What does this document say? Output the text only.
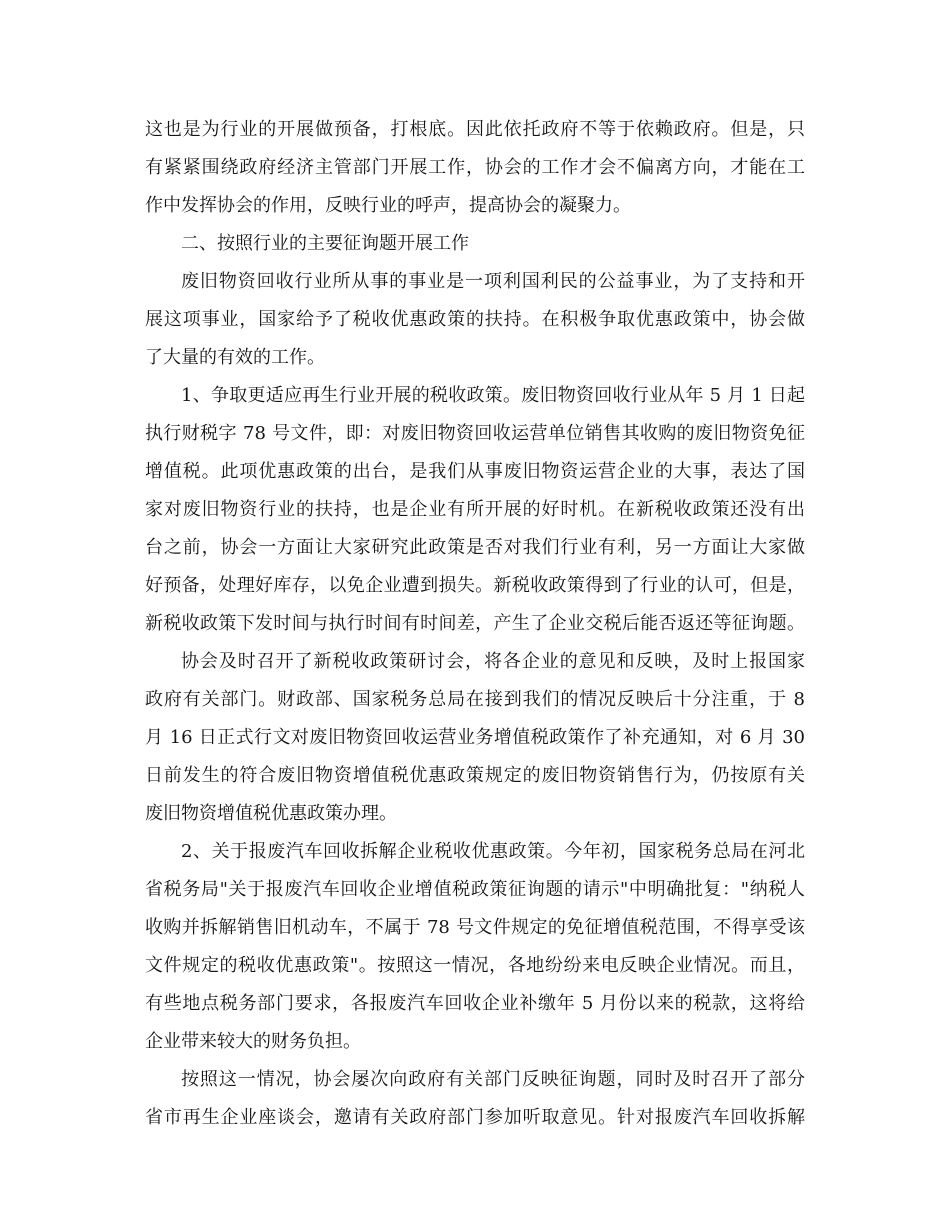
这也是为行业的开展做预备，打根底。因此依托政府不等于依赖政府。但是，只
有紧紧围绕政府经济主管部门开展工作，协会的工作才会不偏离方向，才能在工
作中发挥协会的作用，反映行业的呼声，提高协会的凝聚力。
二、按照行业的主要征询题开展工作
废旧物资回收行业所从事的事业是一项利国利民的公益事业，为了支持和开
展这项事业，国家给予了税收优惠政策的扶持。在积极争取优惠政策中，协会做
了大量的有效的工作。
1、争取更适应再生行业开展的税收政策。废旧物资回收行业从年 5 月 1 日起
执行财税字 78 号文件，即：对废旧物资回收运营单位销售其收购的废旧物资免征
增值税。此项优惠政策的出台，是我们从事废旧物资运营企业的大事，表达了国
家对废旧物资行业的扶持，也是企业有所开展的好时机。在新税收政策还没有出
台之前，协会一方面让大家研究此政策是否对我们行业有利，另一方面让大家做
好预备，处理好库存，以免企业遭到损失。新税收政策得到了行业的认可，但是，
新税收政策下发时间与执行时间有时间差，产生了企业交税后能否返还等征询题。
协会及时召开了新税收政策研讨会，将各企业的意见和反映，及时上报国家
政府有关部门。财政部、国家税务总局在接到我们的情况反映后十分注重，于 8
月 16 日正式行文对废旧物资回收运营业务增值税政策作了补充通知，对 6 月 30
日前发生的符合废旧物资增值税优惠政策规定的废旧物资销售行为，仍按原有关
废旧物资增值税优惠政策办理。
2、关于报废汽车回收拆解企业税收优惠政策。今年初，国家税务总局在河北
省税务局"关于报废汽车回收企业增值税政策征询题的请示"中明确批复："纳税人
收购并拆解销售旧机动车，不属于 78 号文件规定的免征增值税范围，不得享受该
文件规定的税收优惠政策"。按照这一情况，各地纷纷来电反映企业情况。而且，
有些地点税务部门要求，各报废汽车回收企业补缴年 5 月份以来的税款，这将给
企业带来较大的财务负担。
按照这一情况，协会屡次向政府有关部门反映征询题，同时及时召开了部分
省市再生企业座谈会，邀请有关政府部门参加听取意见。针对报废汽车回收拆解
